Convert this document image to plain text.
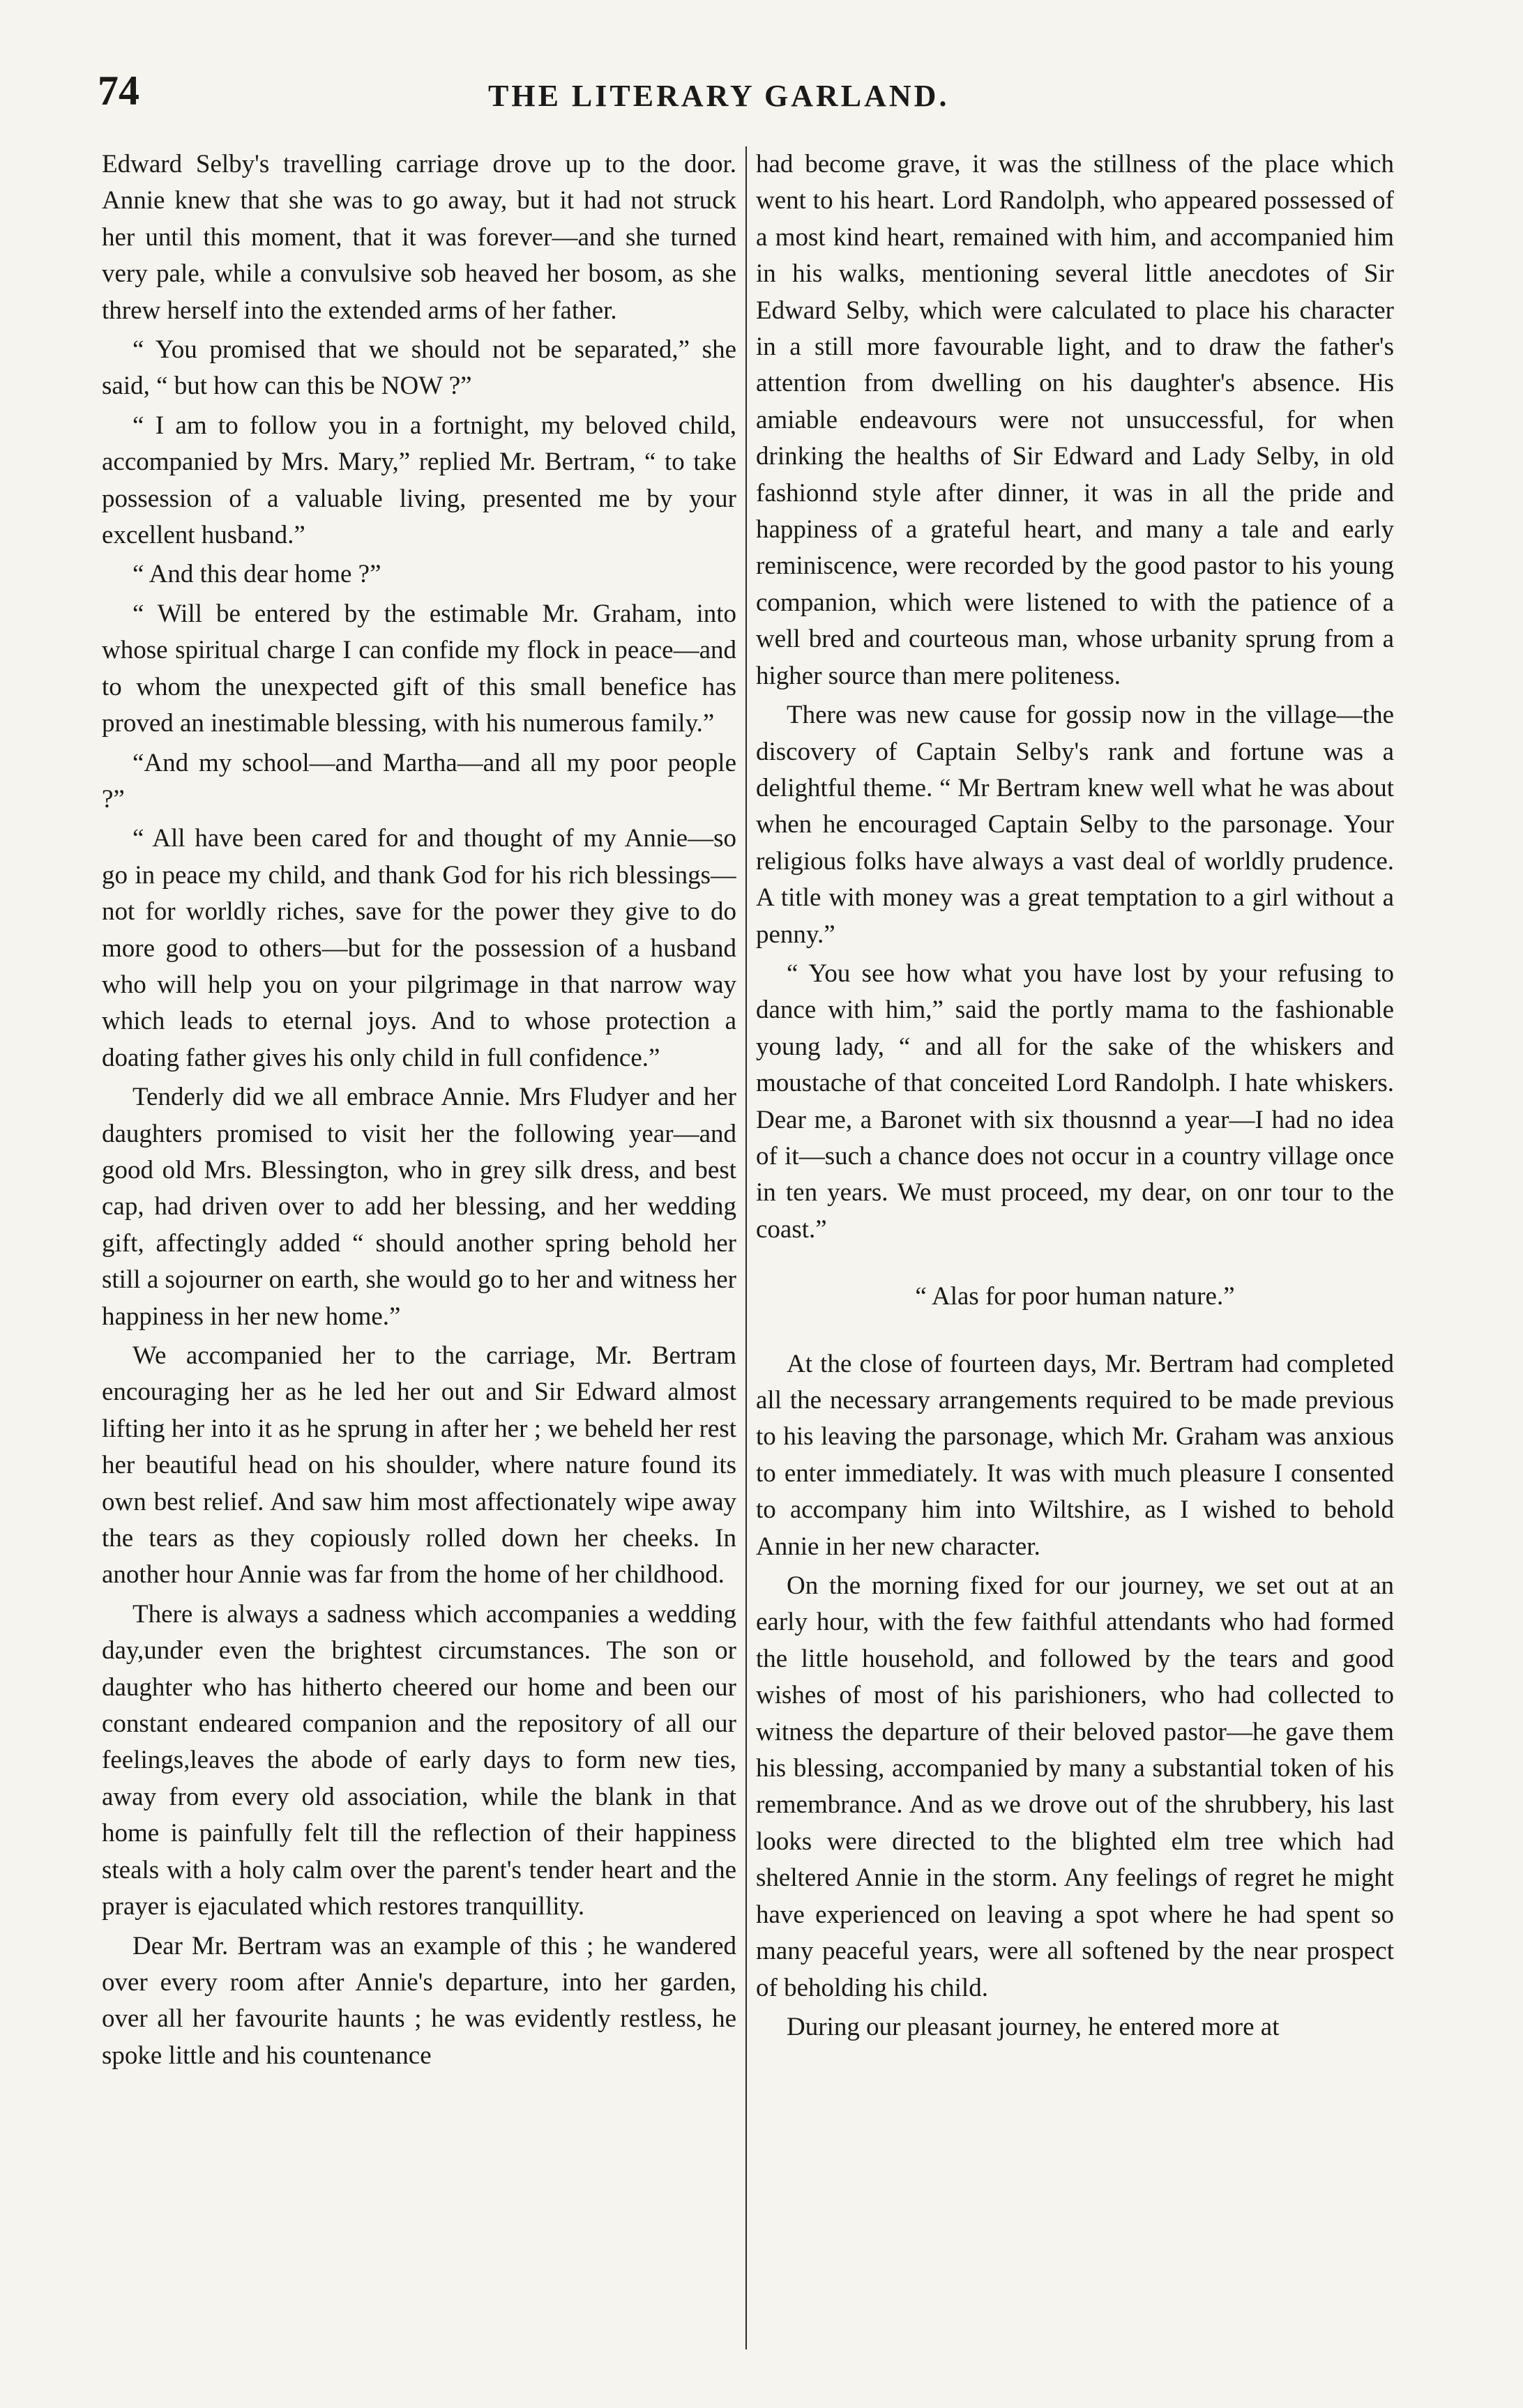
74	THE LITERARY GARLAND.

Edward Selby's travelling carriage drove up to the door. Annie knew that she was to go away, but it had not struck her until this moment, that it was forever—and she turned very pale, while a convulsive sob heaved her bosom, as she threw herself into the extended arms of her father.

“ You promised that we should not be separated,” she said, “ but how can this be NOW ?”

“ I am to follow you in a fortnight, my beloved child, accompanied by Mrs. Mary,” replied Mr. Bertram, “ to take possession of a valuable living, presented me by your excellent husband.”

“ And this dear home ?”

“ Will be entered by the estimable Mr. Graham, into whose spiritual charge I can confide my flock in peace—and to whom the unexpected gift of this small benefice has proved an inestimable blessing, with his numerous family.”

“And my school—and Martha—and all my poor people ?”

“ All have been cared for and thought of my Annie—so go in peace my child, and thank God for his rich blessings—not for worldly riches, save for the power they give to do more good to others—but for the possession of a husband who will help you on your pilgrimage in that narrow way which leads to eternal joys. And to whose protection a doating father gives his only child in full confidence.”

Tenderly did we all embrace Annie. Mrs Fludyer and her daughters promised to visit her the following year—and good old Mrs. Blessington, who in grey silk dress, and best cap, had driven over to add her blessing, and her wedding gift, affectingly added “ should another spring behold her still a sojourner on earth, she would go to her and witness her happiness in her new home.”

We accompanied her to the carriage, Mr. Bertram encouraging her as he led her out and Sir Edward almost lifting her into it as he sprung in after her ; we beheld her rest her beautiful head on his shoulder, where nature found its own best relief. And saw him most affectionately wipe away the tears as they copiously rolled down her cheeks. In another hour Annie was far from the home of her childhood.

There is always a sadness which accompanies a wedding day,under even the brightest circumstances. The son or daughter who has hitherto cheered our home and been our constant endeared companion and the repository of all our feelings,leaves the abode of early days to form new ties, away from every old association, while the blank in that home is painfully felt till the reflection of their happiness steals with a holy calm over the parent's tender heart and the prayer is ejaculated which restores tranquillity.

Dear Mr. Bertram was an example of this ; he wandered over every room after Annie's departure, into her garden, over all her favourite haunts ; he was evidently restless, he spoke little and his countenance

had become grave, it was the stillness of the place which went to his heart. Lord Randolph, who appeared possessed of a most kind heart, remained with him, and accompanied him in his walks, mentioning several little anecdotes of Sir Edward Selby, which were calculated to place his character in a still more favourable light, and to draw the father's attention from dwelling on his daughter's absence. His amiable endeavours were not unsuccessful, for when drinking the healths of Sir Edward and Lady Selby, in old fashionnd style after dinner, it was in all the pride and happiness of a grateful heart, and many a tale and early reminiscence, were recorded by the good pastor to his young companion, which were listened to with the patience of a well bred and courteous man, whose urbanity sprung from a higher source than mere politeness.

There was new cause for gossip now in the village—the discovery of Captain Selby's rank and fortune was a delightful theme. “ Mr Bertram knew well what he was about when he encouraged Captain Selby to the parsonage. Your religious folks have always a vast deal of worldly prudence. A title with money was a great temptation to a girl without a penny.”

“ You see how what you have lost by your refusing to dance with him,” said the portly mama to the fashionable young lady, “ and all for the sake of the whiskers and moustache of that conceited Lord Randolph. I hate whiskers. Dear me, a Baronet with six thousnnd a year—I had no idea of it—such a chance does not occur in a country village once in ten years. We must proceed, my dear, on onr tour to the coast.”

“ Alas for poor human nature.”

At the close of fourteen days, Mr. Bertram had completed all the necessary arrangements required to be made previous to his leaving the parsonage, which Mr. Graham was anxious to enter immediately. It was with much pleasure I consented to accompany him into Wiltshire, as I wished to behold Annie in her new character.

On the morning fixed for our journey, we set out at an early hour, with the few faithful attendants who had formed the little household, and followed by the tears and good wishes of most of his parishioners, who had collected to witness the departure of their beloved pastor—he gave them his blessing, accompanied by many a substantial token of his remembrance. And as we drove out of the shrubbery, his last looks were directed to the blighted elm tree which had sheltered Annie in the storm. Any feelings of regret he might have experienced on leaving a spot where he had spent so many peaceful years, were all softened by the near prospect of beholding his child.

During our pleasant journey, he entered more at
